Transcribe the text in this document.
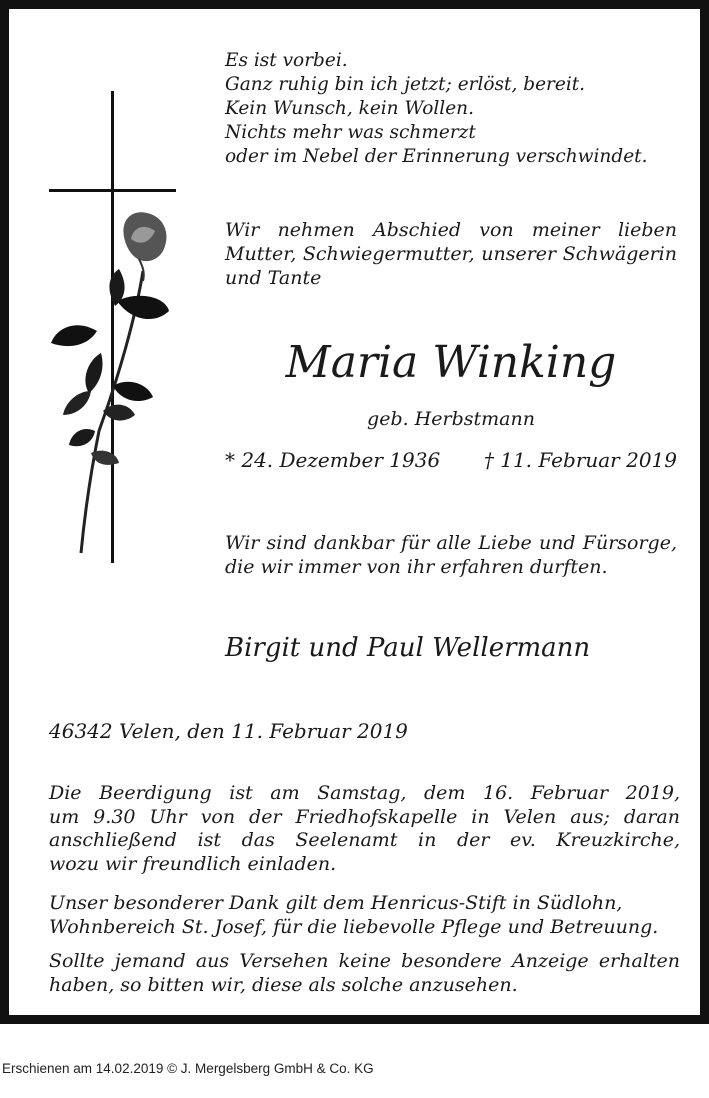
Es ist vorbei.
Ganz ruhig bin ich jetzt; erlöst, bereit.
Kein Wunsch, kein Wollen.
Nichts mehr was schmerzt
oder im Nebel der Erinnerung verschwindet.
Wir nehmen Abschied von meiner lieben
Mutter, Schwiegermutter, unserer Schwägerin
und Tante
Maria Winking
geb. Herbstmann
* 24. Dezember 1936 † 11. Februar 2019
Wir sind dankbar für alle Liebe und Fürsorge,
die wir immer von ihr erfahren durften.
Birgit und Paul Wellermann
46342 Velen, den 11. Februar 2019
Die Beerdigung ist am Samstag, dem 16. Februar 2019,
um 9.30 Uhr von der Friedhofskapelle in Velen aus; daran
anschließend ist das Seelenamt in der ev. Kreuzkirche,
wozu wir freundlich einladen.
Unser besonderer Dank gilt dem Henricus-Stift in Südlohn,
Wohnbereich St. Josef, für die liebevolle Pflege und Betreuung.
Sollte jemand aus Versehen keine besondere Anzeige erhalten
haben, so bitten wir, diese als solche anzusehen.
Erschienen am 14.02.2019 © J. Mergelsberg GmbH & Co. KG
